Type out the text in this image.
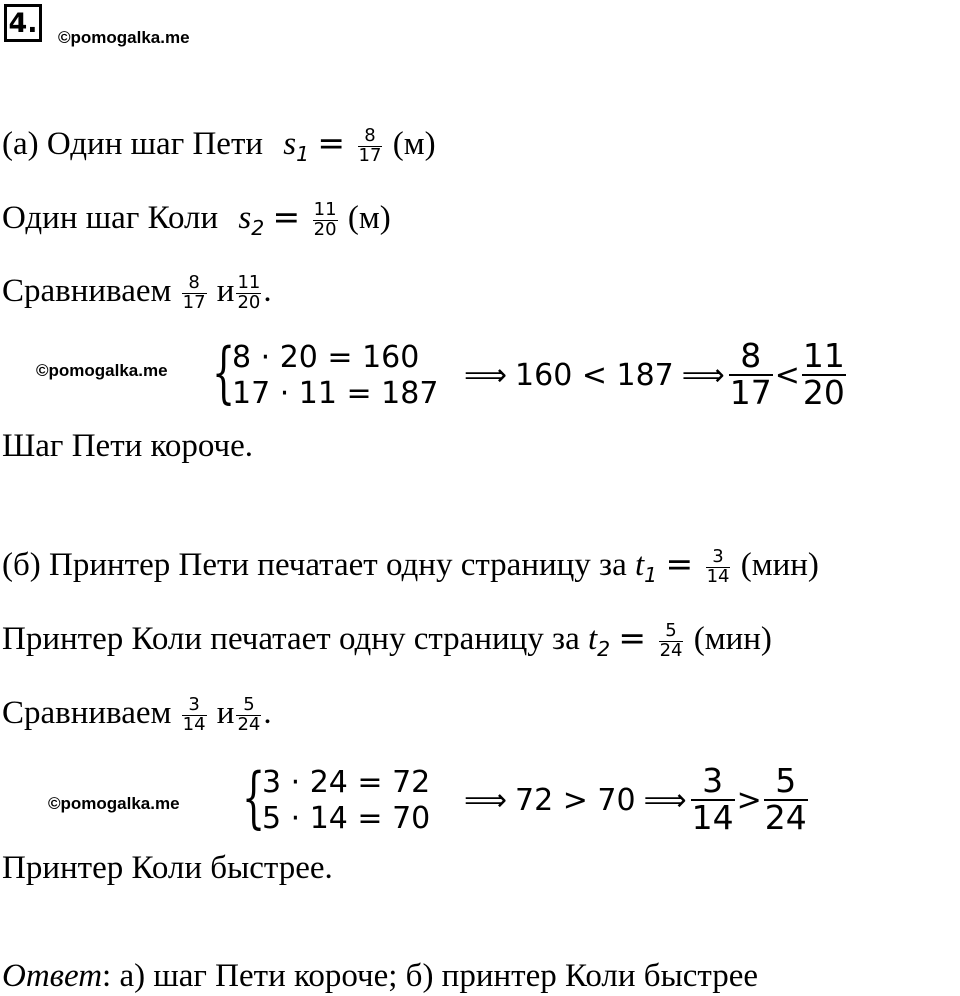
4. ©pomogalka.me
(а) Один шаг Пети $s_1 = \frac{8}{17} (м)$
Один шаг Коли $s_2 = \frac{11}{20} (м)$
Сравниваем $\frac{8}{17}$ и $\frac{11}{20}$ .
©pomogalka.me {
8 · 20 = 160
17 · 11 = 187
⟹ 160 < 187 ⟹ $\frac{8}{17} < \frac{11}{20}$
Шаг Пети короче.
(б) Принтер Пети печатает одну страницу за $t_1 = \frac{3}{14} (мин)$
Принтер Коли печатает одну страницу за $t_2 = \frac{5}{24} (мин)$
Сравниваем $\frac{3}{14}$ и $\frac{5}{24}$ .
©pomogalka.me {
3 · 24 = 72
5 · 14 = 70
⟹ 72 > 70 ⟹ $\frac{3}{14} > \frac{5}{24}$
Принтер Коли быстрее.
Ответ: а) шаг Пети короче; б) принтер Коли быстрее
